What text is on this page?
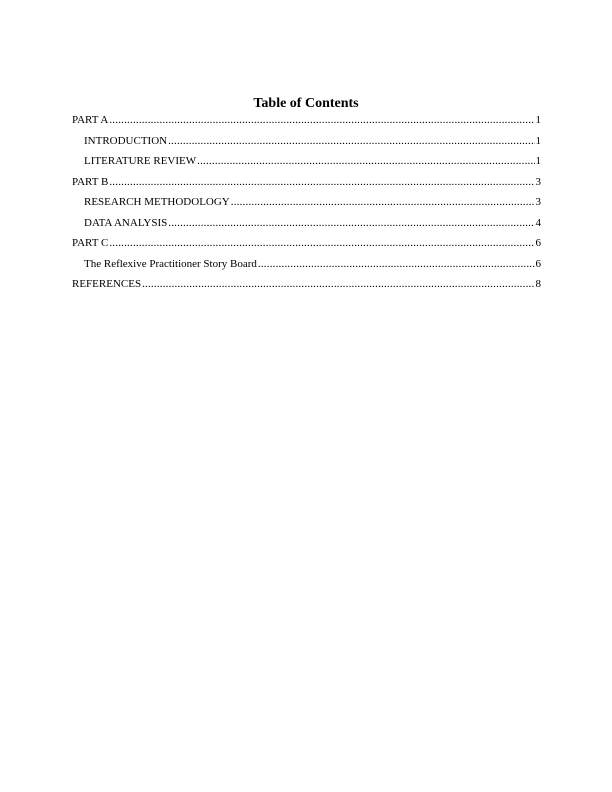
Table of Contents
PART A .....	1
INTRODUCTION .....	1
LITERATURE REVIEW .....	1
PART B .....	3
RESEARCH METHODOLOGY .....	3
DATA ANALYSIS .....	4
PART C .....	6
The Reflexive Practitioner Story Board .....	6
REFERENCES .....	8
